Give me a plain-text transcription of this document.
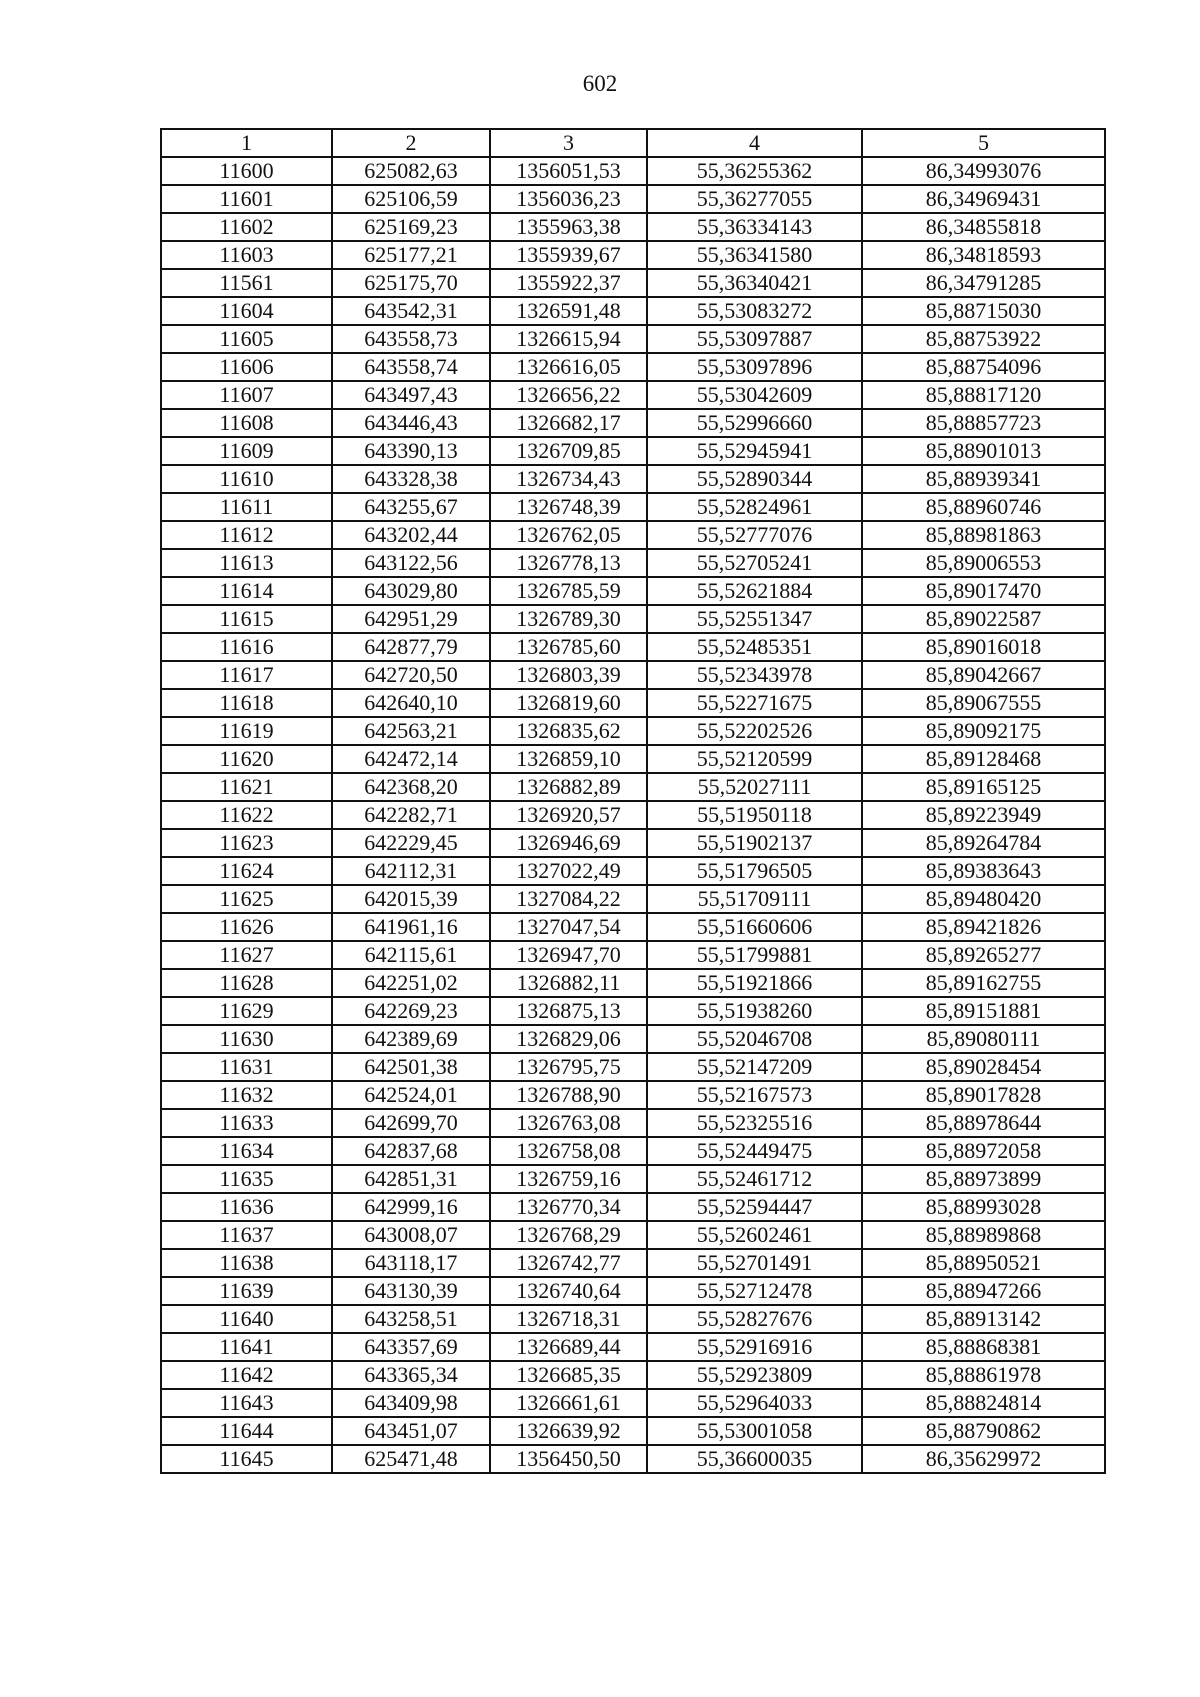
602
1	2	3	4	5
11600	625082,63	1356051,53	55,36255362	86,34993076
11601	625106,59	1356036,23	55,36277055	86,34969431
11602	625169,23	1355963,38	55,36334143	86,34855818
11603	625177,21	1355939,67	55,36341580	86,34818593
11561	625175,70	1355922,37	55,36340421	86,34791285
11604	643542,31	1326591,48	55,53083272	85,88715030
11605	643558,73	1326615,94	55,53097887	85,88753922
11606	643558,74	1326616,05	55,53097896	85,88754096
11607	643497,43	1326656,22	55,53042609	85,88817120
11608	643446,43	1326682,17	55,52996660	85,88857723
11609	643390,13	1326709,85	55,52945941	85,88901013
11610	643328,38	1326734,43	55,52890344	85,88939341
11611	643255,67	1326748,39	55,52824961	85,88960746
11612	643202,44	1326762,05	55,52777076	85,88981863
11613	643122,56	1326778,13	55,52705241	85,89006553
11614	643029,80	1326785,59	55,52621884	85,89017470
11615	642951,29	1326789,30	55,52551347	85,89022587
11616	642877,79	1326785,60	55,52485351	85,89016018
11617	642720,50	1326803,39	55,52343978	85,89042667
11618	642640,10	1326819,60	55,52271675	85,89067555
11619	642563,21	1326835,62	55,52202526	85,89092175
11620	642472,14	1326859,10	55,52120599	85,89128468
11621	642368,20	1326882,89	55,52027111	85,89165125
11622	642282,71	1326920,57	55,51950118	85,89223949
11623	642229,45	1326946,69	55,51902137	85,89264784
11624	642112,31	1327022,49	55,51796505	85,89383643
11625	642015,39	1327084,22	55,51709111	85,89480420
11626	641961,16	1327047,54	55,51660606	85,89421826
11627	642115,61	1326947,70	55,51799881	85,89265277
11628	642251,02	1326882,11	55,51921866	85,89162755
11629	642269,23	1326875,13	55,51938260	85,89151881
11630	642389,69	1326829,06	55,52046708	85,89080111
11631	642501,38	1326795,75	55,52147209	85,89028454
11632	642524,01	1326788,90	55,52167573	85,89017828
11633	642699,70	1326763,08	55,52325516	85,88978644
11634	642837,68	1326758,08	55,52449475	85,88972058
11635	642851,31	1326759,16	55,52461712	85,88973899
11636	642999,16	1326770,34	55,52594447	85,88993028
11637	643008,07	1326768,29	55,52602461	85,88989868
11638	643118,17	1326742,77	55,52701491	85,88950521
11639	643130,39	1326740,64	55,52712478	85,88947266
11640	643258,51	1326718,31	55,52827676	85,88913142
11641	643357,69	1326689,44	55,52916916	85,88868381
11642	643365,34	1326685,35	55,52923809	85,88861978
11643	643409,98	1326661,61	55,52964033	85,88824814
11644	643451,07	1326639,92	55,53001058	85,88790862
11645	625471,48	1356450,50	55,36600035	86,35629972
